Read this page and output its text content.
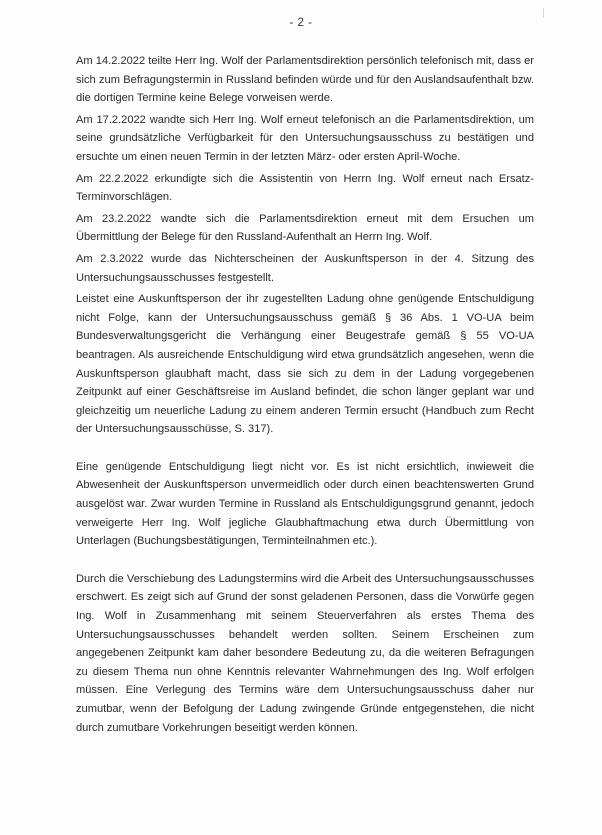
- 2 -

Am 14.2.2022 teilte Herr Ing. Wolf der Parlamentsdirektion persönlich telefonisch mit, dass er sich zum Befragungstermin in Russland befinden würde und für den Auslandsaufenthalt bzw. die dortigen Termine keine Belege vorweisen werde.

Am 17.2.2022 wandte sich Herr Ing. Wolf erneut telefonisch an die Parlamentsdirektion, um seine grundsätzliche Verfügbarkeit für den Untersuchungsausschuss zu bestätigen und ersuchte um einen neuen Termin in der letzten März- oder ersten April-Woche.

Am 22.2.2022 erkundigte sich die Assistentin von Herrn Ing. Wolf erneut nach Ersatz-Terminvorschlägen.

Am 23.2.2022 wandte sich die Parlamentsdirektion erneut mit dem Ersuchen um Übermittlung der Belege für den Russland-Aufenthalt an Herrn Ing. Wolf.

Am 2.3.2022 wurde das Nichterscheinen der Auskunftsperson in der 4. Sitzung des Untersuchungsausschusses festgestellt.

Leistet eine Auskunftsperson der ihr zugestellten Ladung ohne genügende Entschuldigung nicht Folge, kann der Untersuchungsausschuss gemäß § 36 Abs. 1 VO-UA beim Bundesverwaltungsgericht die Verhängung einer Beugestrafe gemäß § 55 VO-UA beantragen. Als ausreichende Entschuldigung wird etwa grundsätzlich angesehen, wenn die Auskunftsperson glaubhaft macht, dass sie sich zu dem in der Ladung vorgegebenen Zeitpunkt auf einer Geschäftsreise im Ausland befindet, die schon länger geplant war und gleichzeitig um neuerliche Ladung zu einem anderen Termin ersucht (Handbuch zum Recht der Untersuchungsausschüsse, S. 317).

Eine genügende Entschuldigung liegt nicht vor. Es ist nicht ersichtlich, inwieweit die Abwesenheit der Auskunftsperson unvermeidlich oder durch einen beachtenswerten Grund ausgelöst war. Zwar wurden Termine in Russland als Entschuldigungsgrund genannt, jedoch verweigerte Herr Ing. Wolf jegliche Glaubhaftmachung etwa durch Übermittlung von Unterlagen (Buchungsbestätigungen, Terminteilnahmen etc.).

Durch die Verschiebung des Ladungstermins wird die Arbeit des Untersuchungsausschusses erschwert. Es zeigt sich auf Grund der sonst geladenen Personen, dass die Vorwürfe gegen Ing. Wolf in Zusammenhang mit seinem Steuerverfahren als erstes Thema des Untersuchungsausschusses behandelt werden sollten. Seinem Erscheinen zum angegebenen Zeitpunkt kam daher besondere Bedeutung zu, da die weiteren Befragungen zu diesem Thema nun ohne Kenntnis relevanter Wahrnehmungen des Ing. Wolf erfolgen müssen. Eine Verlegung des Termins wäre dem Untersuchungsausschuss daher nur zumutbar, wenn der Befolgung der Ladung zwingende Gründe entgegenstehen, die nicht durch zumutbare Vorkehrungen beseitigt werden können.
